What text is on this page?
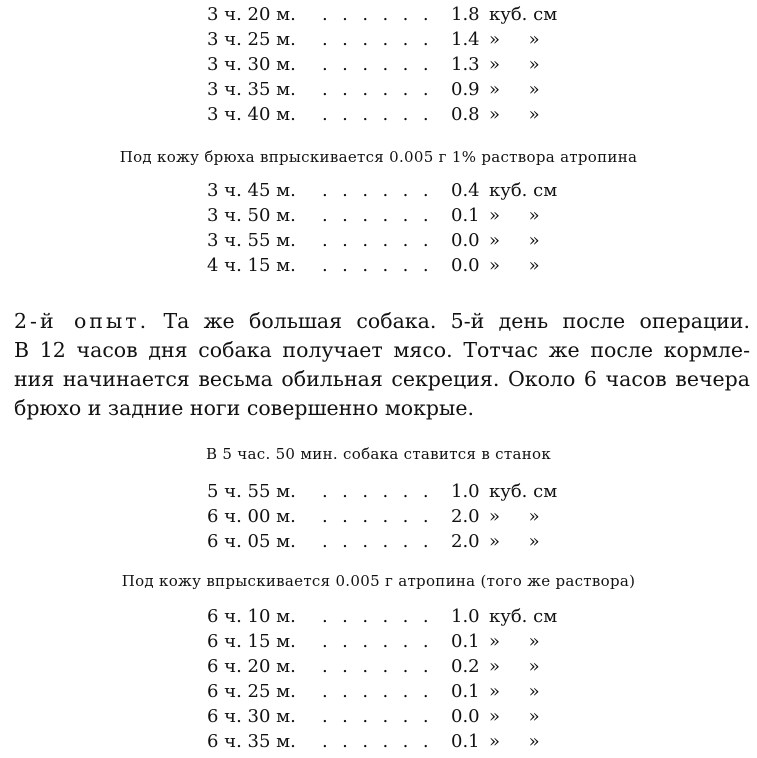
3 ч. 20 м. .  .  .  .  .  . 1.8 куб. см
3 ч. 25 м. .  .  .  .  .  . 1.4 »     »
3 ч. 30 м. .  .  .  .  .  . 1.3 »     »
3 ч. 35 м. .  .  .  .  .  . 0.9 »     »
3 ч. 40 м. .  .  .  .  .  . 0.8 »     »
Под кожу брюха впрыскивается 0.005 г 1% раствора атропина
3 ч. 45 м. .  .  .  .  .  . 0.4 куб. см
3 ч. 50 м. .  .  .  .  .  . 0.1 »     »
3 ч. 55 м. .  .  .  .  .  . 0.0 »     »
4 ч. 15 м. .  .  .  .  .  . 0.0 »     »
2-й опыт. Та же большая собака. 5-й день после операции.
В 12 часов дня собака получает мясо. Тотчас же после кормле-
ния начинается весьма обильная секреция. Около 6 часов вечера
брюхо и задние ноги совершенно мокрые.
В 5 час. 50 мин. собака ставится в станок
5 ч. 55 м. .  .  .  .  .  . 1.0 куб. см
6 ч. 00 м. .  .  .  .  .  . 2.0 »     »
6 ч. 05 м. .  .  .  .  .  . 2.0 »     »
Под кожу впрыскивается 0.005 г атропина (того же раствора)
6 ч. 10 м. .  .  .  .  .  . 1.0 куб. см
6 ч. 15 м. .  .  .  .  .  . 0.1 »     »
6 ч. 20 м. .  .  .  .  .  . 0.2 »     »
6 ч. 25 м. .  .  .  .  .  . 0.1 »     »
6 ч. 30 м. .  .  .  .  .  . 0.0 »     »
6 ч. 35 м. .  .  .  .  .  . 0.1 »     »
